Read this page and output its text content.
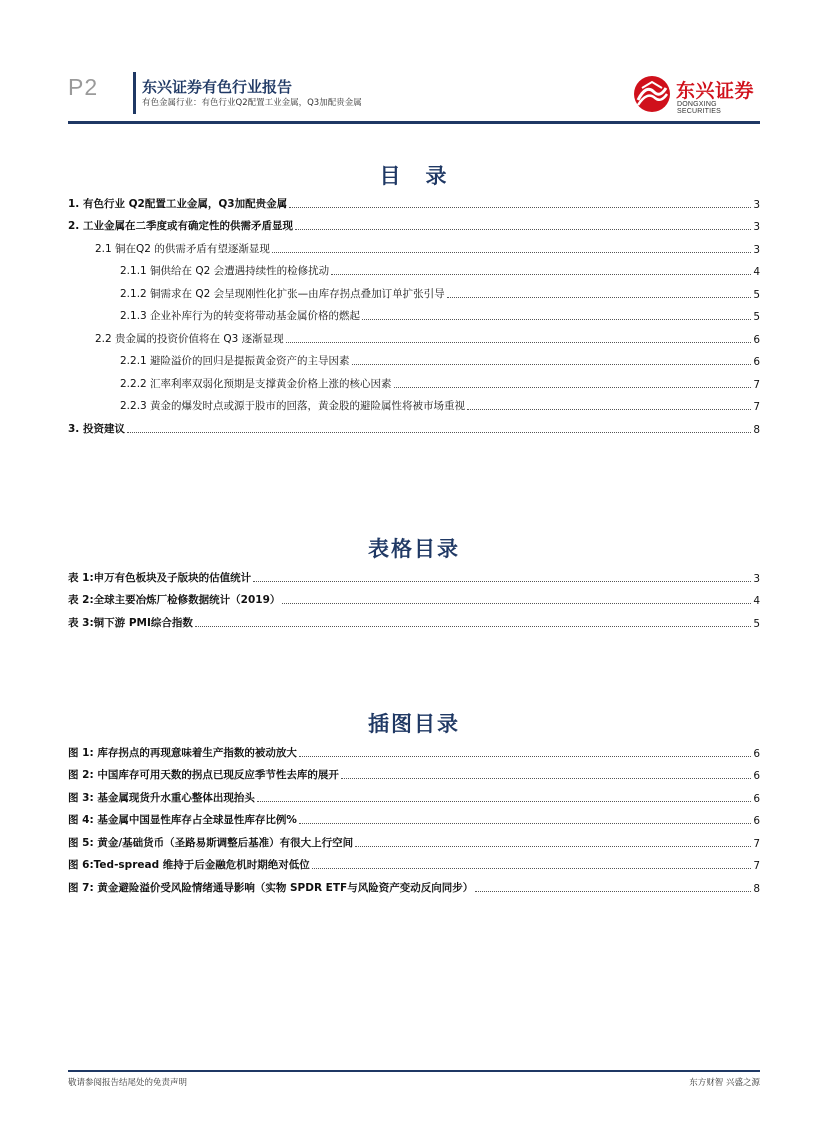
P2	东兴证券有色行业报告
有色金属行业：有色行业Q2配置工业金属，Q3加配贵金属
东兴证券
DONGXING SECURITIES
目　录
1. 有色行业 Q2配置工业金属，Q3加配贵金属	3
2. 工业金属在二季度或有确定性的供需矛盾显现	3
2.1 铜在Q2 的供需矛盾有望逐渐显现	3
2.1.1 铜供给在 Q2 会遭遇持续性的检修扰动	4
2.1.2 铜需求在 Q2 会呈现刚性化扩张—由库存拐点叠加订单扩张引导	5
2.1.3 企业补库行为的转变将带动基金属价格的燃起	5
2.2 贵金属的投资价值将在 Q3 逐渐显现	6
2.2.1 避险溢价的回归是提振黄金资产的主导因素	6
2.2.2 汇率利率双弱化预期是支撑黄金价格上涨的核心因素	7
2.2.3 黄金的爆发时点或源于股市的回落，黄金股的避险属性将被市场重视	7
3. 投资建议	8
表格目录
表 1:申万有色板块及子版块的估值统计	3
表 2:全球主要冶炼厂检修数据统计（2019）	4
表 3:铜下游 PMI综合指数	5
插图目录
图 1: 库存拐点的再现意味着生产指数的被动放大	6
图 2: 中国库存可用天数的拐点已现反应季节性去库的展开	6
图 3: 基金属现货升水重心整体出现抬头	6
图 4: 基金属中国显性库存占全球显性库存比例%	6
图 5: 黄金/基础货币（圣路易斯调整后基准）有很大上行空间	7
图 6:Ted-spread 维持于后金融危机时期绝对低位	7
图 7: 黄金避险溢价受风险情绪通导影响（实物 SPDR ETF与风险资产变动反向同步）	8
敬请参阅报告结尾处的免责声明	东方财智 兴盛之源
